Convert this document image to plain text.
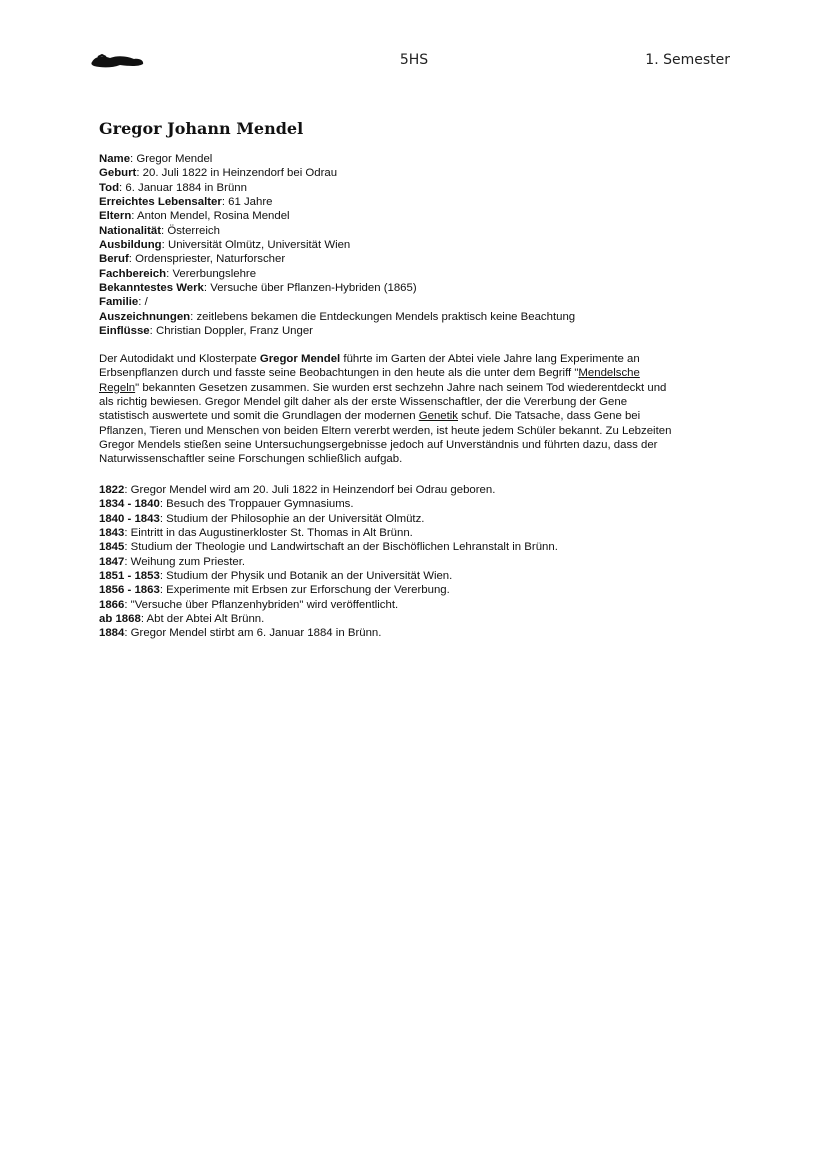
5HS	1. Semester
Gregor Johann Mendel
Name: Gregor Mendel
Geburt: 20. Juli 1822 in Heinzendorf bei Odrau
Tod: 6. Januar 1884 in Brünn
Erreichtes Lebensalter: 61 Jahre
Eltern: Anton Mendel, Rosina Mendel
Nationalität: Österreich
Ausbildung: Universität Olmütz, Universität Wien
Beruf: Ordenspriester, Naturforscher
Fachbereich: Vererbungslehre
Bekanntestes Werk: Versuche über Pflanzen-Hybriden (1865)
Familie: /
Auszeichnungen: zeitlebens bekamen die Entdeckungen Mendels praktisch keine Beachtung
Einflüsse: Christian Doppler, Franz Unger

Der Autodidakt und Klosterpate Gregor Mendel führte im Garten der Abtei viele Jahre lang Experimente an
Erbsenpflanzen durch und fasste seine Beobachtungen in den heute als die unter dem Begriff "Mendelsche
Regeln" bekannten Gesetzen zusammen. Sie wurden erst sechzehn Jahre nach seinem Tod wiederentdeckt und
als richtig bewiesen. Gregor Mendel gilt daher als der erste Wissenschaftler, der die Vererbung der Gene
statistisch auswertete und somit die Grundlagen der modernen Genetik schuf. Die Tatsache, dass Gene bei
Pflanzen, Tieren und Menschen von beiden Eltern vererbt werden, ist heute jedem Schüler bekannt. Zu Lebzeiten
Gregor Mendels stießen seine Untersuchungsergebnisse jedoch auf Unverständnis und führten dazu, dass der
Naturwissenschaftler seine Forschungen schließlich aufgab.

1822: Gregor Mendel wird am 20. Juli 1822 in Heinzendorf bei Odrau geboren.
1834 - 1840: Besuch des Troppauer Gymnasiums.
1840 - 1843: Studium der Philosophie an der Universität Olmütz.
1843: Eintritt in das Augustinerkloster St. Thomas in Alt Brünn.
1845: Studium der Theologie und Landwirtschaft an der Bischöflichen Lehranstalt in Brünn.
1847: Weihung zum Priester.
1851 - 1853: Studium der Physik und Botanik an der Universität Wien.
1856 - 1863: Experimente mit Erbsen zur Erforschung der Vererbung.
1866: "Versuche über Pflanzenhybriden" wird veröffentlicht.
ab 1868: Abt der Abtei Alt Brünn.
1884: Gregor Mendel stirbt am 6. Januar 1884 in Brünn.
